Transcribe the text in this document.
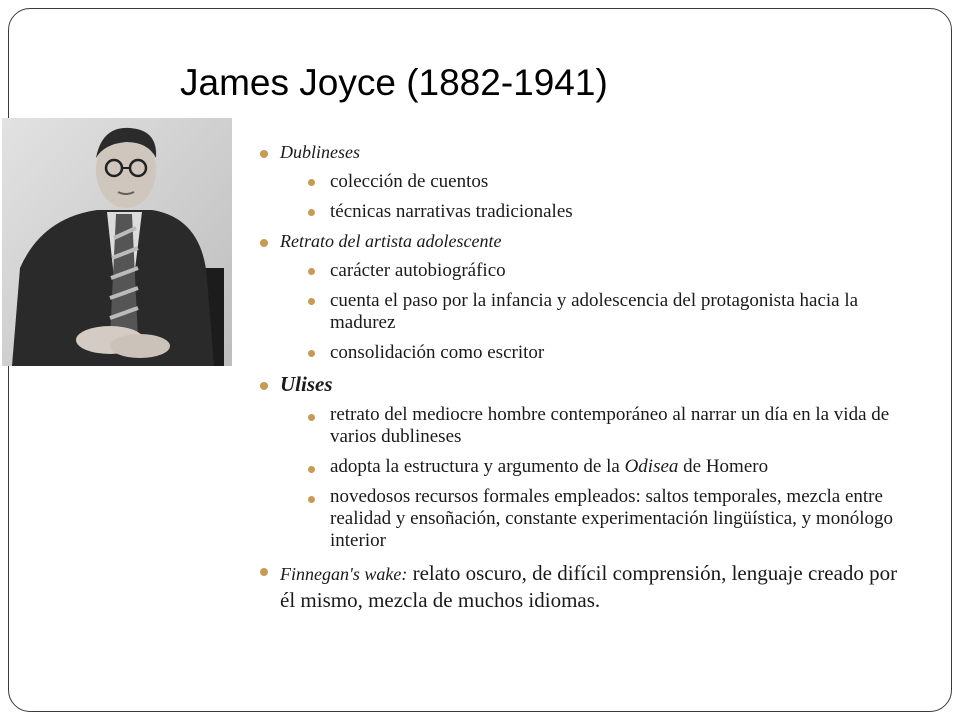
James Joyce (1882-1941)
Dublineses
colección de cuentos
técnicas narrativas tradicionales
Retrato del artista adolescente
carácter autobiográfico
cuenta el paso por la infancia y adolescencia del protagonista hacia la madurez
consolidación como escritor
Ulises
retrato del mediocre hombre contemporáneo al narrar un día en la vida de varios dublineses
adopta la estructura y argumento de la Odisea de Homero
novedosos recursos formales empleados: saltos temporales, mezcla entre realidad y ensoñación, constante experimentación lingüística, y monólogo interior
Finnegan's wake: relato oscuro, de difícil comprensión, lenguaje creado por él mismo, mezcla de muchos idiomas.
